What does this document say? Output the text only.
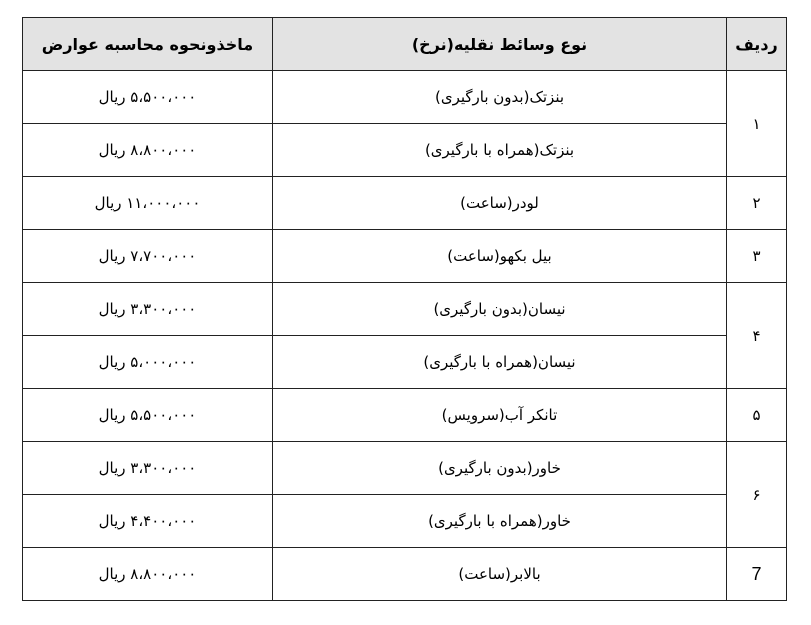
ردیف	نوع وسائط نقلیه(نرخ)	ماخذونحوه محاسبه عوارض
۱	بنزتک(بدون بارگیری)	۵،۵۰۰،۰۰۰ ریال
	بنزتک(همراه با بارگیری)	۸،۸۰۰،۰۰۰ ریال
۲	لودر(ساعت)	۱۱،۰۰۰،۰۰۰ ریال
۳	بیل بکهو(ساعت)	۷،۷۰۰،۰۰۰ ریال
۴	نیسان(بدون بارگیری)	۳،۳۰۰،۰۰۰ ریال
	نیسان(همراه با بارگیری)	۵،۰۰۰،۰۰۰ ریال
۵	تانکر آب(سرویس)	۵،۵۰۰،۰۰۰ ریال
۶	خاور(بدون بارگیری)	۳،۳۰۰،۰۰۰ ریال
	خاور(همراه با بارگیری)	۴،۴۰۰،۰۰۰ ریال
7	بالابر(ساعت)	۸،۸۰۰،۰۰۰ ریال
